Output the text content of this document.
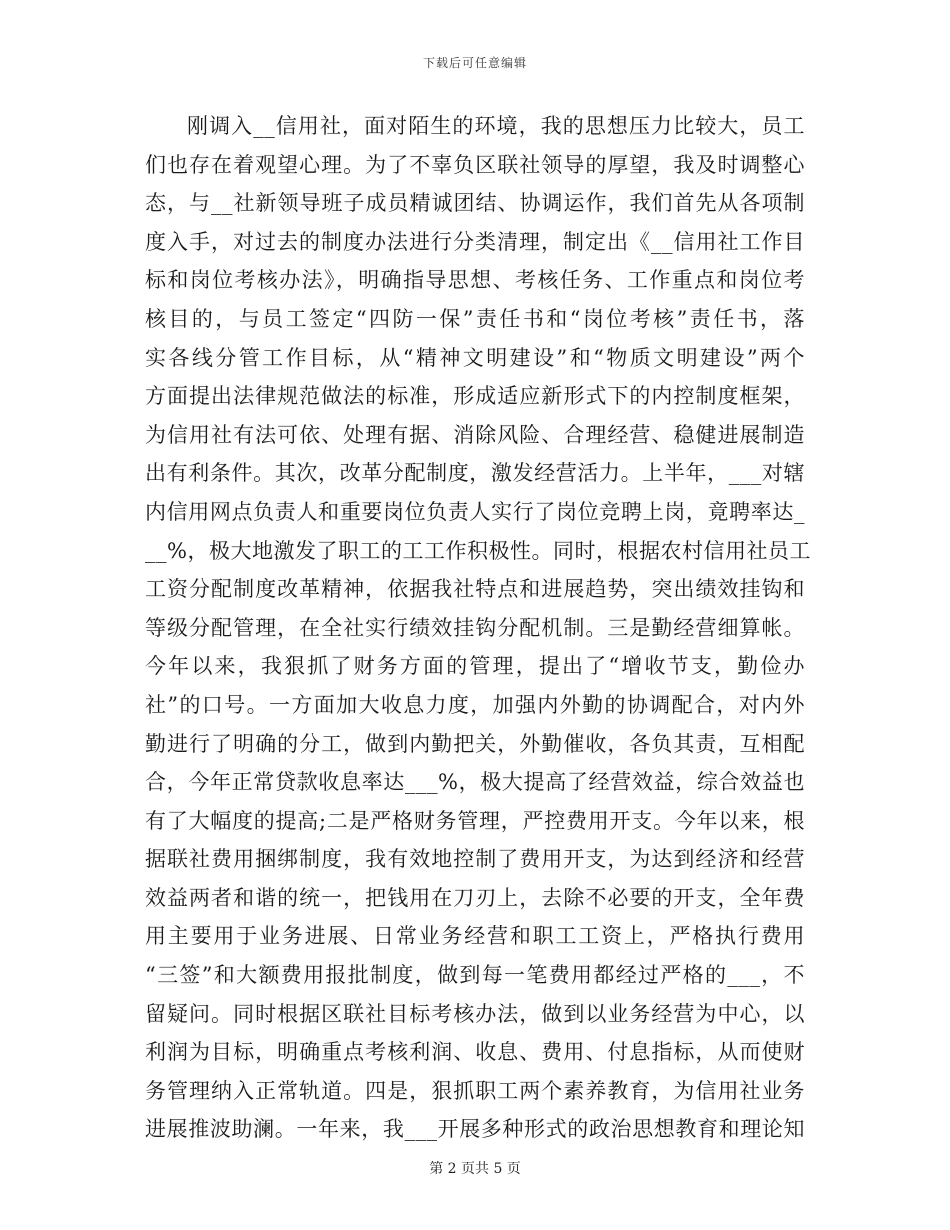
下载后可任意编辑
刚调入__信用社，面对陌生的环境，我的思想压力比较大，员工
们也存在着观望心理。为了不辜负区联社领导的厚望，我及时调整心
态，与__社新领导班子成员精诚团结、协调运作，我们首先从各项制
度入手，对过去的制度办法进行分类清理，制定出《__信用社工作目
标和岗位考核办法》，明确指导思想、考核任务、工作重点和岗位考
核目的，与员工签定“四防一保”责任书和“岗位考核”责任书，落
实各线分管工作目标，从“精神文明建设”和“物质文明建设”两个
方面提出法律规范做法的标准，形成适应新形式下的内控制度框架，
为信用社有法可依、处理有据、消除风险、合理经营、稳健进展制造
出有利条件。其次，改革分配制度，激发经营活力。上半年，___对辖
内信用网点负责人和重要岗位负责人实行了岗位竞聘上岗，竟聘率达_
__%，极大地激发了职工的工工作积极性。同时，根据农村信用社员工
工资分配制度改革精神，依据我社特点和进展趋势，突出绩效挂钩和
等级分配管理，在全社实行绩效挂钩分配机制。三是勤经营细算帐。
今年以来，我狠抓了财务方面的管理，提出了“增收节支，勤俭办
社”的口号。一方面加大收息力度，加强内外勤的协调配合，对内外
勤进行了明确的分工，做到内勤把关，外勤催收，各负其责，互相配
合，今年正常贷款收息率达___%，极大提高了经营效益，综合效益也
有了大幅度的提高;二是严格财务管理，严控费用开支。今年以来，根
据联社费用捆绑制度，我有效地控制了费用开支，为达到经济和经营
效益两者和谐的统一，把钱用在刀刃上，去除不必要的开支，全年费
用主要用于业务进展、日常业务经营和职工工资上，严格执行费用
“三签”和大额费用报批制度，做到每一笔费用都经过严格的___，不
留疑问。同时根据区联社目标考核办法，做到以业务经营为中心，以
利润为目标，明确重点考核利润、收息、费用、付息指标，从而使财
务管理纳入正常轨道。四是，狠抓职工两个素养教育，为信用社业务
进展推波助澜。一年来，我___开展多种形式的政治思想教育和理论知
第 2 页共 5 页
